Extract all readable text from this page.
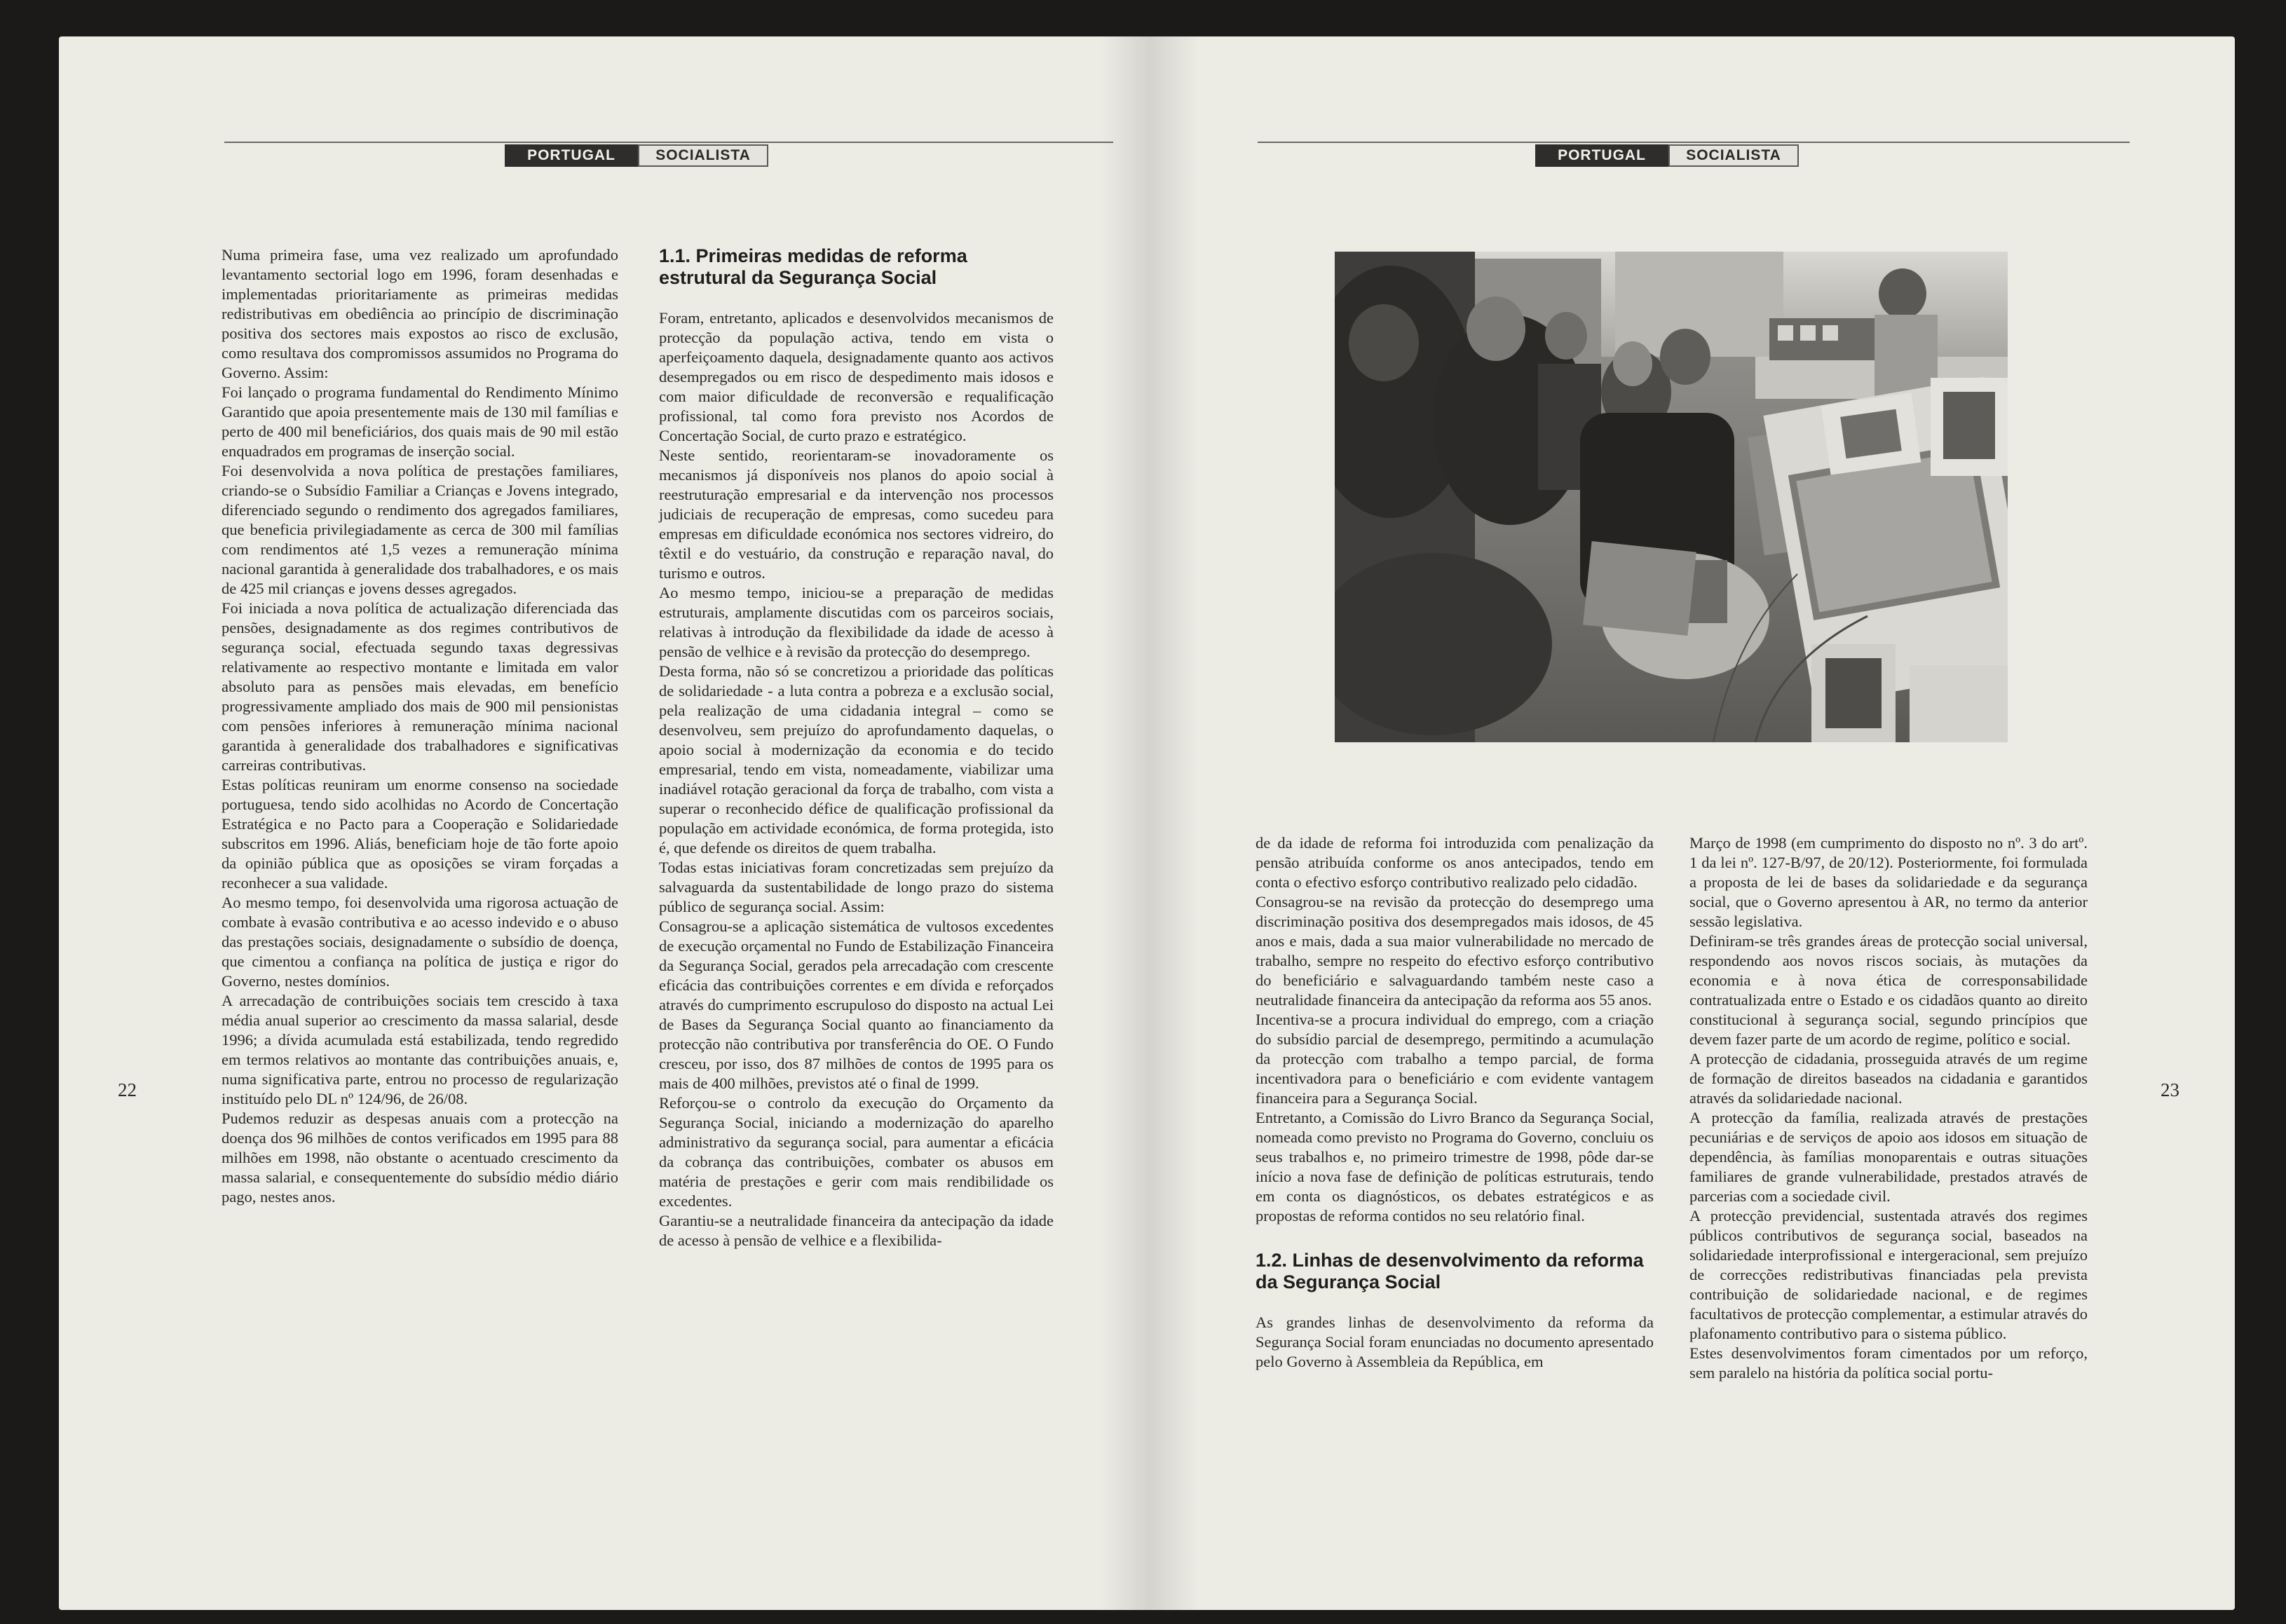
PORTUGAL	SOCIALISTA

Numa primeira fase, uma vez realizado um aprofundado levantamento sectorial logo em 1996, foram desenhadas e implementadas prioritariamente as primeiras medidas redistributivas em obediência ao princípio de discriminação positiva dos sectores mais expostos ao risco de exclusão, como resultava dos compromissos assumidos no Programa do Governo. Assim:

Foi lançado o programa fundamental do Rendimento Mínimo Garantido que apoia presentemente mais de 130 mil famílias e perto de 400 mil beneficiários, dos quais mais de 90 mil estão enquadrados em programas de inserção social.

Foi desenvolvida a nova política de prestações familiares, criando-se o Subsídio Familiar a Crianças e Jovens integrado, diferenciado segundo o rendimento dos agregados familiares, que beneficia privilegiadamente as cerca de 300 mil famílias com rendimentos até 1,5 vezes a remuneração mínima nacional garantida à generalidade dos trabalhadores, e os mais de 425 mil crianças e jovens desses agregados.

Foi iniciada a nova política de actualização diferenciada das pensões, designadamente as dos regimes contributivos de segurança social, efectuada segundo taxas degressivas relativamente ao respectivo montante e limitada em valor absoluto para as pensões mais elevadas, em benefício progressivamente ampliado dos mais de 900 mil pensionistas com pensões inferiores à remuneração mínima nacional garantida à generalidade dos trabalhadores e significativas carreiras contributivas.

Estas políticas reuniram um enorme consenso na sociedade portuguesa, tendo sido acolhidas no Acordo de Concertação Estratégica e no Pacto para a Cooperação e Solidariedade subscritos em 1996. Aliás, beneficiam hoje de tão forte apoio da opinião pública que as oposições se viram forçadas a reconhecer a sua validade.

Ao mesmo tempo, foi desenvolvida uma rigorosa actuação de combate à evasão contributiva e ao acesso indevido e o abuso das prestações sociais, designadamente o subsídio de doença, que cimentou a confiança na política de justiça e rigor do Governo, nestes domínios.

A arrecadação de contribuições sociais tem crescido à taxa média anual superior ao crescimento da massa salarial, desde 1996; a dívida acumulada está estabilizada, tendo regredido em termos relativos ao montante das contribuições anuais, e, numa significativa parte, entrou no processo de regularização instituído pelo DL nº 124/96, de 26/08.

Pudemos reduzir as despesas anuais com a protecção na doença dos 96 milhões de contos verificados em 1995 para 88 milhões em 1998, não obstante o acentuado crescimento da massa salarial, e consequentemente do subsídio médio diário pago, nestes anos.

1.1. Primeiras medidas de reforma estrutural da Segurança Social

Foram, entretanto, aplicados e desenvolvidos mecanismos de protecção da população activa, tendo em vista o aperfeiçoamento daquela, designadamente quanto aos activos desempregados ou em risco de despedimento mais idosos e com maior dificuldade de reconversão e requalificação profissional, tal como fora previsto nos Acordos de Concertação Social, de curto prazo e estratégico.

Neste sentido, reorientaram-se inovadoramente os mecanismos já disponíveis nos planos do apoio social à reestruturação empresarial e da intervenção nos processos judiciais de recuperação de empresas, como sucedeu para empresas em dificuldade económica nos sectores vidreiro, do têxtil e do vestuário, da construção e reparação naval, do turismo e outros.

Ao mesmo tempo, iniciou-se a preparação de medidas estruturais, amplamente discutidas com os parceiros sociais, relativas à introdução da flexibilidade da idade de acesso à pensão de velhice e à revisão da protecção do desemprego.

Desta forma, não só se concretizou a prioridade das políticas de solidariedade - a luta contra a pobreza e a exclusão social, pela realização de uma cidadania integral – como se desenvolveu, sem prejuízo do aprofundamento daquelas, o apoio social à modernização da economia e do tecido empresarial, tendo em vista, nomeadamente, viabilizar uma inadiável rotação geracional da força de trabalho, com vista a superar o reconhecido défice de qualificação profissional da população em actividade económica, de forma protegida, isto é, que defende os direitos de quem trabalha.

Todas estas iniciativas foram concretizadas sem prejuízo da salvaguarda da sustentabilidade de longo prazo do sistema público de segurança social. Assim:

Consagrou-se a aplicação sistemática de vultosos excedentes de execução orçamental no Fundo de Estabilização Financeira da Segurança Social, gerados pela arrecadação com crescente eficácia das contribuições correntes e em dívida e reforçados através do cumprimento escrupuloso do disposto na actual Lei de Bases da Segurança Social quanto ao financiamento da protecção não contributiva por transferência do OE. O Fundo cresceu, por isso, dos 87 milhões de contos de 1995 para os mais de 400 milhões, previstos até o final de 1999.

Reforçou-se o controlo da execução do Orçamento da Segurança Social, iniciando a modernização do aparelho administrativo da segurança social, para aumentar a eficácia da cobrança das contribuições, combater os abusos em matéria de prestações e gerir com mais rendibilidade os excedentes.

Garantiu-se a neutralidade financeira da antecipação da idade de acesso à pensão de velhice e a flexibilida-

22
PORTUGAL	SOCIALISTA

de da idade de reforma foi introduzida com penalização da pensão atribuída conforme os anos antecipados, tendo em conta o efectivo esforço contributivo realizado pelo cidadão.

Consagrou-se na revisão da protecção do desemprego uma discriminação positiva dos desempregados mais idosos, de 45 anos e mais, dada a sua maior vulnerabilidade no mercado de trabalho, sempre no respeito do efectivo esforço contributivo do beneficiário e salvaguardando também neste caso a neutralidade financeira da antecipação da reforma aos 55 anos.

Incentiva-se a procura individual do emprego, com a criação do subsídio parcial de desemprego, permitindo a acumulação da protecção com trabalho a tempo parcial, de forma incentivadora para o beneficiário e com evidente vantagem financeira para a Segurança Social.

Entretanto, a Comissão do Livro Branco da Segurança Social, nomeada como previsto no Programa do Governo, concluiu os seus trabalhos e, no primeiro trimestre de 1998, pôde dar-se início a nova fase de definição de políticas estruturais, tendo em conta os diagnósticos, os debates estratégicos e as propostas de reforma contidos no seu relatório final.

1.2. Linhas de desenvolvimento da reforma da Segurança Social

As grandes linhas de desenvolvimento da reforma da Segurança Social foram enunciadas no documento apresentado pelo Governo à Assembleia da República, em

Março de 1998 (em cumprimento do disposto no nº. 3 do artº. 1 da lei nº. 127-B/97, de 20/12). Posteriormente, foi formulada a proposta de lei de bases da solidariedade e da segurança social, que o Governo apresentou à AR, no termo da anterior sessão legislativa.

Definiram-se três grandes áreas de protecção social universal, respondendo aos novos riscos sociais, às mutações da economia e à nova ética de corresponsabilidade contratualizada entre o Estado e os cidadãos quanto ao direito constitucional à segurança social, segundo princípios que devem fazer parte de um acordo de regime, político e social.

A protecção de cidadania, prosseguida através de um regime de formação de direitos baseados na cidadania e garantidos através da solidariedade nacional.

A protecção da família, realizada através de prestações pecuniárias e de serviços de apoio aos idosos em situação de dependência, às famílias monoparentais e outras situações familiares de grande vulnerabilidade, prestados através de parcerias com a sociedade civil.

A protecção previdencial, sustentada através dos regimes públicos contributivos de segurança social, baseados na solidariedade interprofissional e intergeracional, sem prejuízo de correcções redistributivas financiadas pela prevista contribuição de solidariedade nacional, e de regimes facultativos de protecção complementar, a estimular através do plafonamento contributivo para o sistema público.

Estes desenvolvimentos foram cimentados por um reforço, sem paralelo na história da política social portu-

23
